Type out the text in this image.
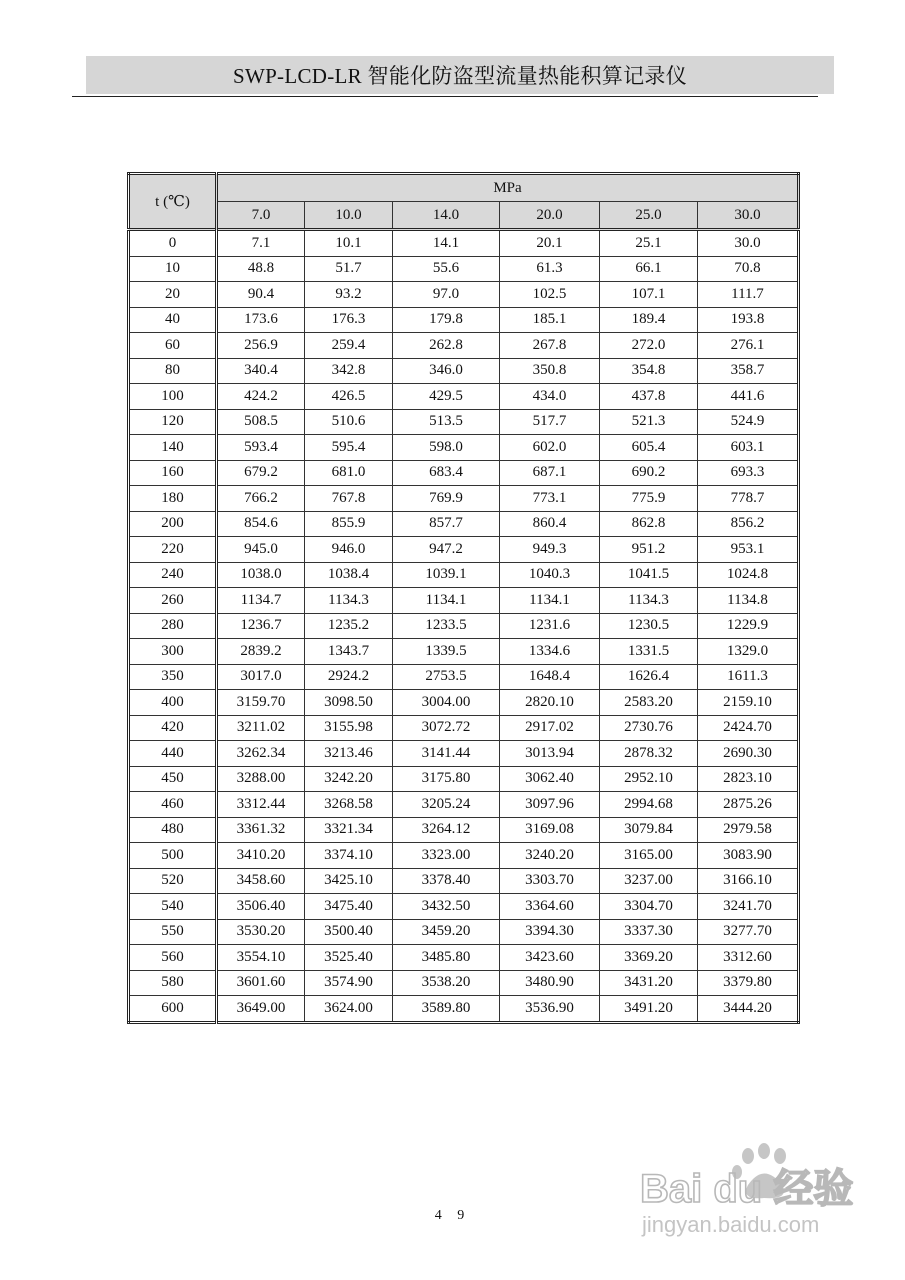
SWP-LCD-LR 智能化防盗型流量热能积算记录仪
t (℃)	MPa					
	7.0	10.0	14.0	20.0	25.0	30.0
0	7.1	10.1	14.1	20.1	25.1	30.0
10	48.8	51.7	55.6	61.3	66.1	70.8
20	90.4	93.2	97.0	102.5	107.1	111.7
40	173.6	176.3	179.8	185.1	189.4	193.8
60	256.9	259.4	262.8	267.8	272.0	276.1
80	340.4	342.8	346.0	350.8	354.8	358.7
100	424.2	426.5	429.5	434.0	437.8	441.6
120	508.5	510.6	513.5	517.7	521.3	524.9
140	593.4	595.4	598.0	602.0	605.4	603.1
160	679.2	681.0	683.4	687.1	690.2	693.3
180	766.2	767.8	769.9	773.1	775.9	778.7
200	854.6	855.9	857.7	860.4	862.8	856.2
220	945.0	946.0	947.2	949.3	951.2	953.1
240	1038.0	1038.4	1039.1	1040.3	1041.5	1024.8
260	1134.7	1134.3	1134.1	1134.1	1134.3	1134.8
280	1236.7	1235.2	1233.5	1231.6	1230.5	1229.9
300	2839.2	1343.7	1339.5	1334.6	1331.5	1329.0
350	3017.0	2924.2	2753.5	1648.4	1626.4	1611.3
400	3159.70	3098.50	3004.00	2820.10	2583.20	2159.10
420	3211.02	3155.98	3072.72	2917.02	2730.76	2424.70
440	3262.34	3213.46	3141.44	3013.94	2878.32	2690.30
450	3288.00	3242.20	3175.80	3062.40	2952.10	2823.10
460	3312.44	3268.58	3205.24	3097.96	2994.68	2875.26
480	3361.32	3321.34	3264.12	3169.08	3079.84	2979.58
500	3410.20	3374.10	3323.00	3240.20	3165.00	3083.90
520	3458.60	3425.10	3378.40	3303.70	3237.00	3166.10
540	3506.40	3475.40	3432.50	3364.60	3304.70	3241.70
550	3530.20	3500.40	3459.20	3394.30	3337.30	3277.70
560	3554.10	3525.40	3485.80	3423.60	3369.20	3312.60
580	3601.60	3574.90	3538.20	3480.90	3431.20	3379.80
600	3649.00	3624.00	3589.80	3536.90	3491.20	3444.20
4 9
Bai du 经验
jingyan.baidu.com
